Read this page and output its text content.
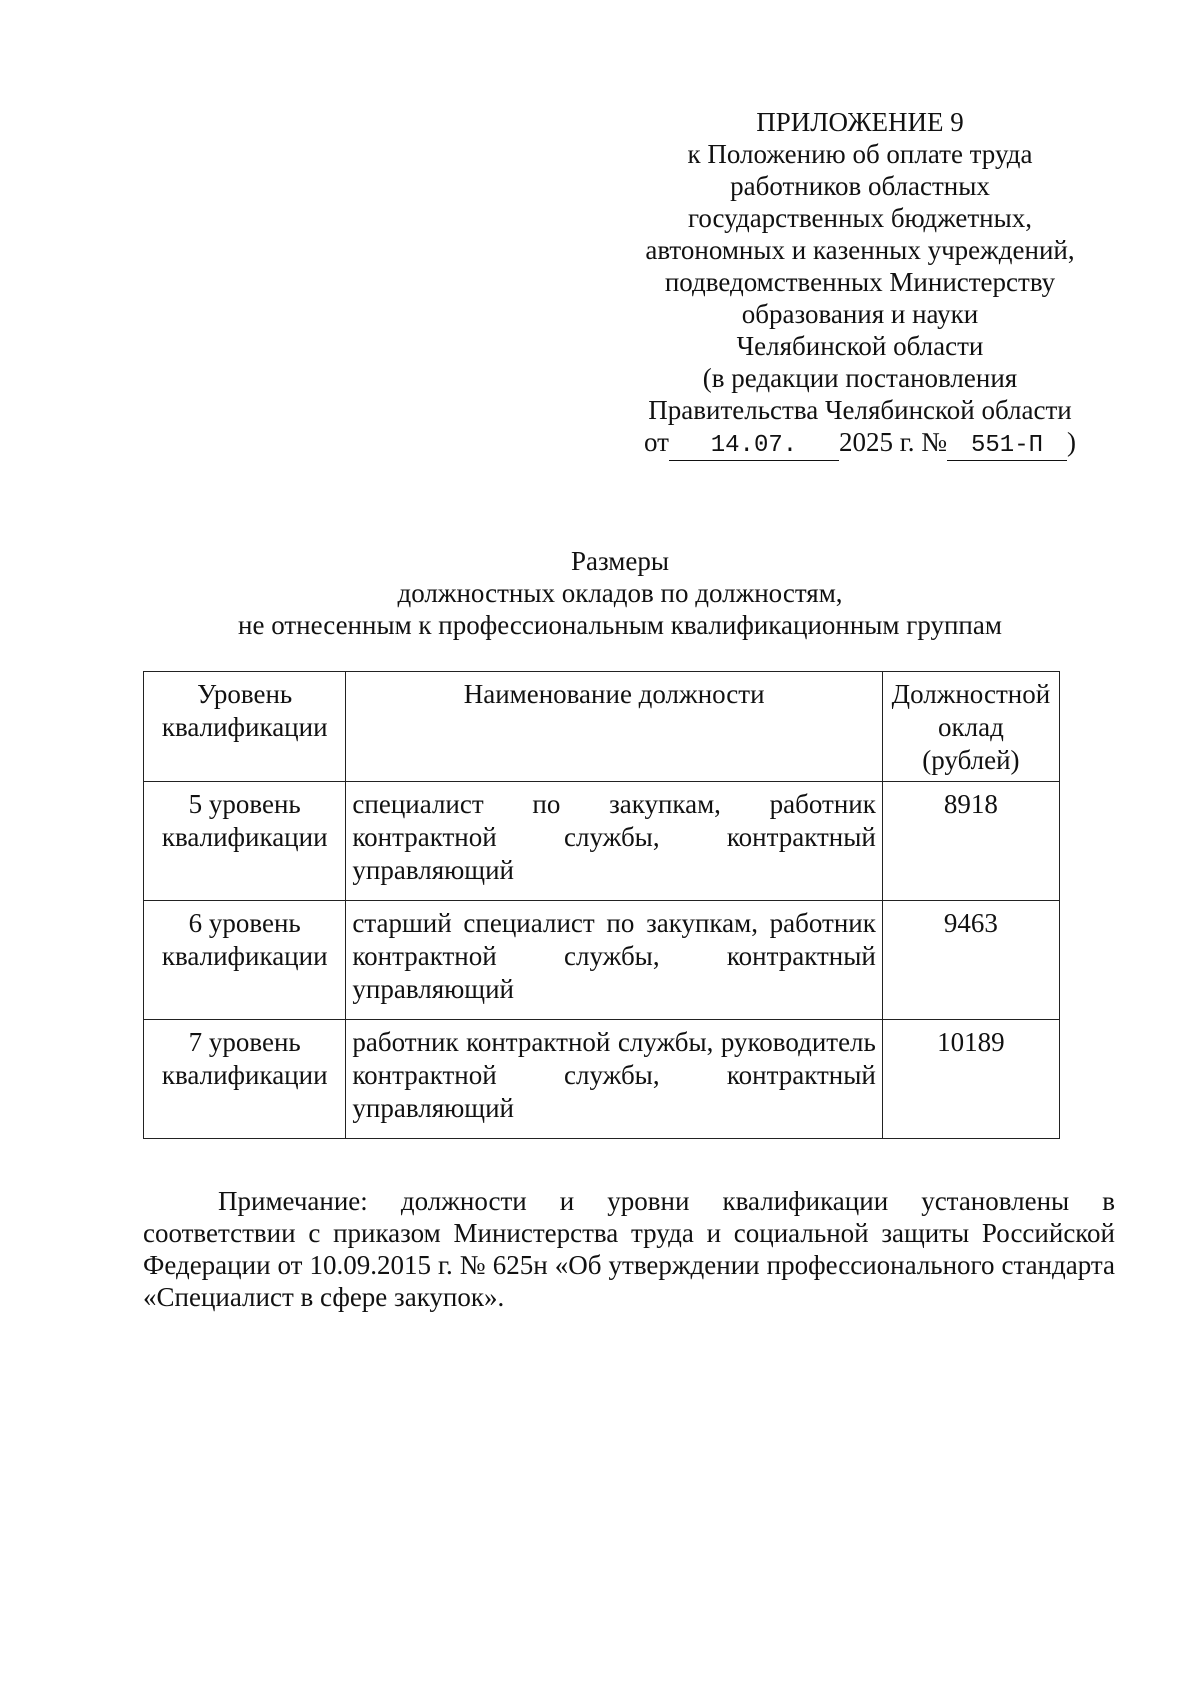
ПРИЛОЖЕНИЕ 9
к Положению об оплате труда
работников областных
государственных бюджетных,
автономных и казенных учреждений,
подведомственных Министерству
образования и науки
Челябинской области
(в редакции постановления
Правительства Челябинской области
от 14.07. 2025 г. № 551-П )
Размеры
должностных окладов по должностям,
не отнесенным к профессиональным квалификационным группам
Уровень квалификации	Наименование должности	Должностной оклад (рублей)
5 уровень квалификации	специалист по закупкам, работник контрактной службы, контрактный управляющий	8918
6 уровень квалификации	старший специалист по закупкам, работник контрактной службы, контрактный управляющий	9463
7 уровень квалификации	работник контрактной службы, руководитель контрактной службы, контрактный управляющий	10189
Примечание: должности и уровни квалификации установлены в соответствии с приказом Министерства труда и социальной защиты Российской Федерации от 10.09.2015 г. № 625н «Об утверждении профессионального стандарта «Специалист в сфере закупок».
